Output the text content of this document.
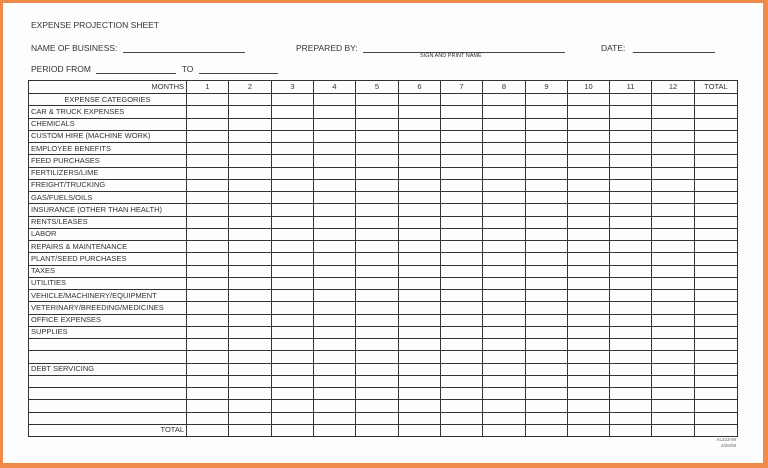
EXPENSE PROJECTION SHEET
NAME OF BUSINESS:	PREPARED BY:
SIGN AND PRINT NAME
DATE:
PERIOD FROM	TO
MONTHS	1	2	3	4	5	6	7	8	9	10	11	12	TOTAL
EXPENSE CATEGORIES													
CAR & TRUCK EXPENSES													
CHEMICALS													
CUSTOM HIRE (MACHINE WORK)													
EMPLOYEE BENEFITS													
FEED PURCHASES													
FERTILIZERS/LIME													
FREIGHT/TRUCKING													
GAS/FUELS/OILS													
INSURANCE (OTHER THAN HEALTH)													
RENTS/LEASES													
LABOR													
REPAIRS & MAINTENANCE													
PLANT/SEED PURCHASES													
TAXES													
UTILITIES													
VEHICLE/MACHINERY/EQUIPMENT													
VETERINARY/BREEDING/MEDICINES													
OFFICE EXPENSES													
SUPPLIES													

DEBT SERVICING													

TOTAL													
AL323-09
2/26/08
